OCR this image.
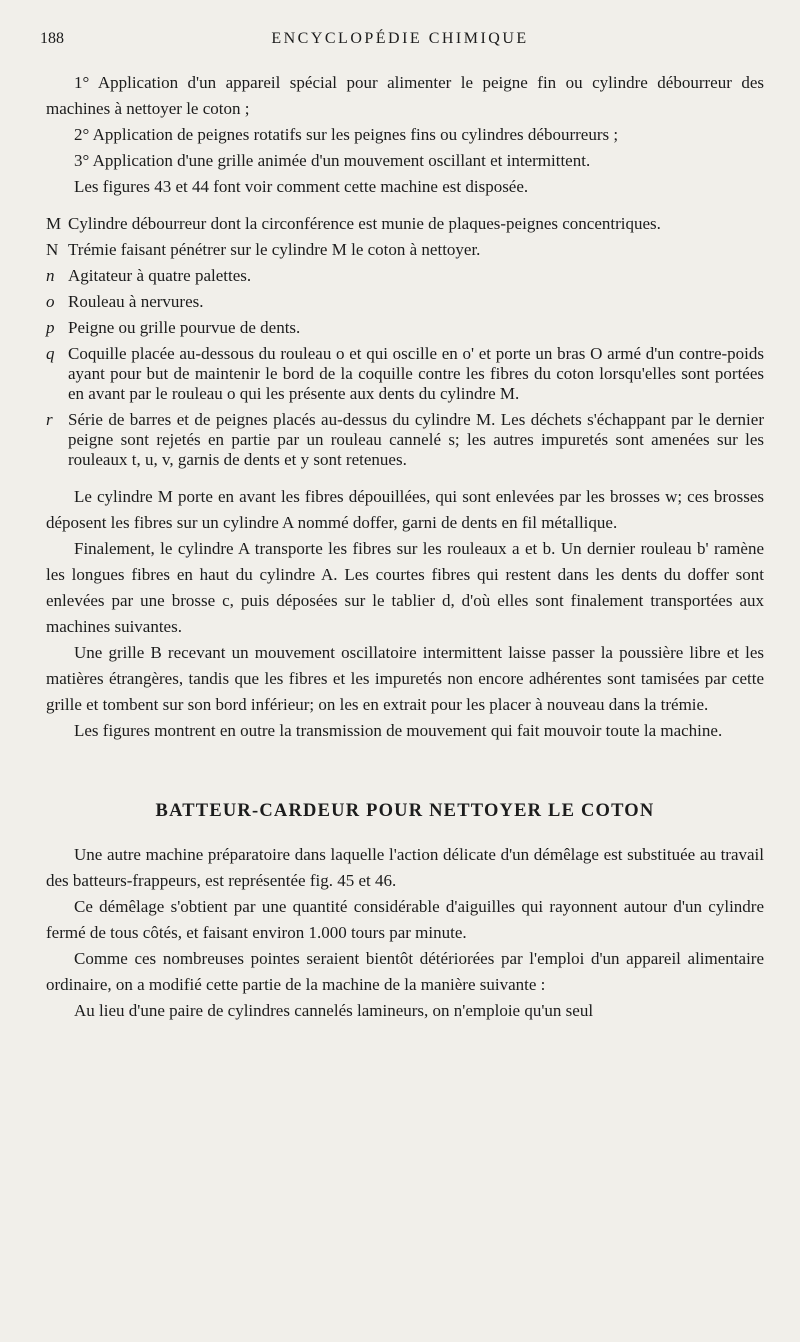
188	ENCYCLOPÉDIE CHIMIQUE

1° Application d'un appareil spécial pour alimenter le peigne fin ou cylindre débourreur des machines à nettoyer le coton ;

2° Application de peignes rotatifs sur les peignes fins ou cylindres débourreurs ;

3° Application d'une grille animée d'un mouvement oscillant et intermittent.

Les figures 43 et 44 font voir comment cette machine est disposée.

M Cylindre débourreur dont la circonférence est munie de plaques-peignes concentriques.
N Trémie faisant pénétrer sur le cylindre M le coton à nettoyer.
n Agitateur à quatre palettes.
o Rouleau à nervures.
p Peigne ou grille pourvue de dents.
q Coquille placée au-dessous du rouleau o et qui oscille en o' et porte un bras O armé d'un contre-poids ayant pour but de maintenir le bord de la coquille contre les fibres du coton lorsqu'elles sont portées en avant par le rouleau o qui les présente aux dents du cylindre M.
r Série de barres et de peignes placés au-dessus du cylindre M. Les déchets s'échappant par le dernier peigne sont rejetés en partie par un rouleau cannelé s; les autres impuretés sont amenées sur les rouleaux t, u, v, garnis de dents et y sont retenues.

Le cylindre M porte en avant les fibres dépouillées, qui sont enlevées par les brosses w; ces brosses déposent les fibres sur un cylindre A nommé doffer, garni de dents en fil métallique.

Finalement, le cylindre A transporte les fibres sur les rouleaux a et b. Un dernier rouleau b' ramène les longues fibres en haut du cylindre A. Les courtes fibres qui restent dans les dents du doffer sont enlevées par une brosse c, puis déposées sur le tablier d, d'où elles sont finalement transportées aux machines suivantes.

Une grille B recevant un mouvement oscillatoire intermittent laisse passer la poussière libre et les matières étrangères, tandis que les fibres et les impuretés non encore adhérentes sont tamisées par cette grille et tombent sur son bord inférieur; on les en extrait pour les placer à nouveau dans la trémie.

Les figures montrent en outre la transmission de mouvement qui fait mouvoir toute la machine.

BATTEUR-CARDEUR POUR NETTOYER LE COTON

Une autre machine préparatoire dans laquelle l'action délicate d'un démêlage est substituée au travail des batteurs-frappeurs, est représentée fig. 45 et 46.

Ce démêlage s'obtient par une quantité considérable d'aiguilles qui rayonnent autour d'un cylindre fermé de tous côtés, et faisant environ 1.000 tours par minute.

Comme ces nombreuses pointes seraient bientôt détériorées par l'emploi d'un appareil alimentaire ordinaire, on a modifié cette partie de la machine de la manière suivante :

Au lieu d'une paire de cylindres cannelés lamineurs, on n'emploie qu'un seul
